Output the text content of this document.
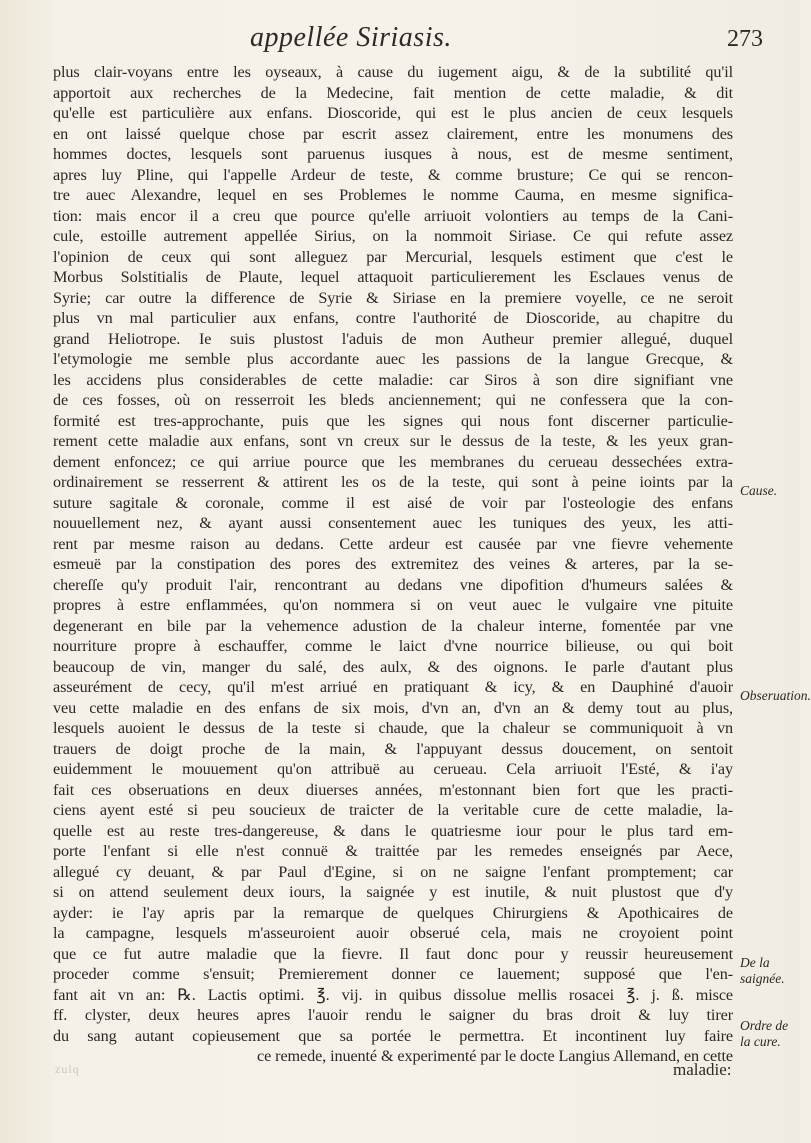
appellée Siriasis.	273
plus clair-voyans entre les oyseaux, à cause du iugement aigu, & de la subtilité qu'il
apportoit aux recherches de la Medecine, fait mention de cette maladie, & dit
qu'elle est particulière aux enfans. Dioscoride, qui est le plus ancien de ceux lesquels
en ont laissé quelque chose par escrit assez clairement, entre les monumens des
hommes doctes, lesquels sont paruenus iusques à nous, est de mesme sentiment,
apres luy Pline, qui l'appelle Ardeur de teste, & comme brusture; Ce qui se rencon-
tre auec Alexandre, lequel en ses Problemes le nomme Cauma, en mesme significa-
tion: mais encor il a creu que pource qu'elle arriuoit volontiers au temps de la Cani-
cule, estoille autrement appellée Sirius, on la nommoit Siriase. Ce qui refute assez
l'opinion de ceux qui sont alleguez par Mercurial, lesquels estiment que c'est le
Morbus Solstitialis de Plaute, lequel attaquoit particulierement les Esclaues venus de
Syrie; car outre la difference de Syrie & Siriase en la premiere voyelle, ce ne seroit
plus vn mal particulier aux enfans, contre l'authorité de Dioscoride, au chapitre du
grand Heliotrope. Ie suis plustost l'aduis de mon Autheur premier allegué, duquel
l'etymologie me semble plus accordante auec les passions de la langue Grecque, &
les accidens plus considerables de cette maladie: car Siros à son dire signifiant vne
de ces fosses, où on resserroit les bleds anciennement; qui ne confessera que la con-
formité est tres-approchante, puis que les signes qui nous font discerner particulie-
rement cette maladie aux enfans, sont vn creux sur le dessus de la teste, & les yeux gran-
dement enfoncez; ce qui arriue pource que les membranes du cerueau dessechées extra-
ordinairement se resserrent & attirent les os de la teste, qui sont à peine ioints par la
suture sagitale & coronale, comme il est aisé de voir par l'osteologie des enfans
nouuellement nez, & ayant aussi consentement auec les tuniques des yeux, les atti-
rent par mesme raison au dedans. Cette ardeur est causée par vne fievre vehemente
esmeuë par la constipation des pores des extremitez des veines & arteres, par la se-
chereſſe qu'y produit l'air, rencontrant au dedans vne dipofition d'humeurs salées &
propres à estre enflammées, qu'on nommera si on veut auec le vulgaire vne pituite
degenerant en bile par la vehemence adustion de la chaleur interne, fomentée par vne
nourriture propre à eschauffer, comme le laict d'vne nourrice bilieuse, ou qui boit
beaucoup de vin, manger du salé, des aulx, & des oignons. Ie parle d'autant plus
asseurément de cecy, qu'il m'est arriué en pratiquant & icy, & en Dauphiné d'auoir
veu cette maladie en des enfans de six mois, d'vn an, d'vn an & demy tout au plus,
lesquels auoient le dessus de la teste si chaude, que la chaleur se communiquoit à vn
trauers de doigt proche de la main, & l'appuyant dessus doucement, on sentoit
euidemment le mouuement qu'on attribuë au cerueau. Cela arriuoit l'Esté, & i'ay
fait ces obseruations en deux diuerses années, m'estonnant bien fort que les practi-
ciens ayent esté si peu soucieux de traicter de la veritable cure de cette maladie, la-
quelle est au reste tres-dangereuse, & dans le quatriesme iour pour le plus tard em-
porte l'enfant si elle n'est connuë & traittée par les remedes enseignés par Aece,
allegué cy deuant, & par Paul d'Egine, si on ne saigne l'enfant promptement; car
si on attend seulement deux iours, la saignée y est inutile, & nuit plustost que d'y
ayder: ie l'ay apris par la remarque de quelques Chirurgiens & Apothicaires de
la campagne, lesquels m'asseuroient auoir obserué cela, mais ne croyoient point
que ce fut autre maladie que la fievre. Il faut donc pour y reussir heureusement
proceder comme s'ensuit; Premierement donner ce lauement; supposé que l'en-
fant ait vn an: ℞. Lactis optimi. ℥. vij. in quibus dissolue mellis rosacei ℥. j. ß. misce
ff. clyster, deux heures apres l'auoir rendu le saigner du bras droit & luy tirer
du sang autant copieusement que sa portée le permettra. Et incontinent luy faire
ce remede, inuenté & experimenté par le docte Langius Allemand, en cette
Cause.
Obseruation.
De la saignée.
Ordre de la cure.
maladie:
zulq
